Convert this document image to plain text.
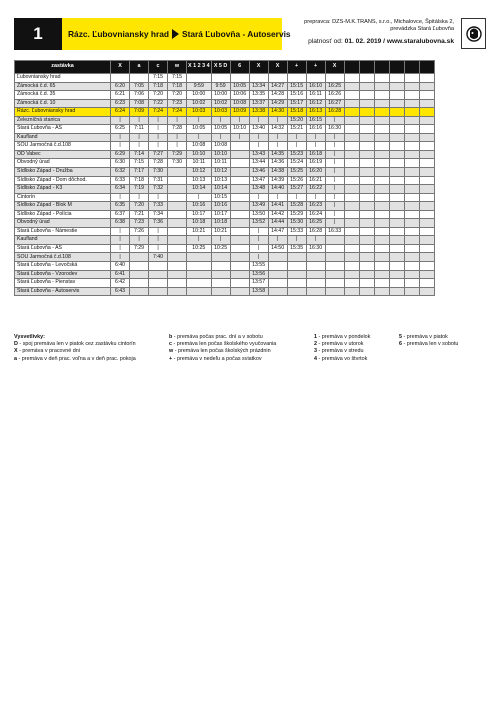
1	Rázc. Ľubovniansky hrad Stará Ľubovňa - Autoservis
prepravca: DZS-M.K.TRANS, s.r.o., Michalovce, Špitálska 2,
prevádzka Stará Ľubovňa
platnosť od: 01. 02. 2019 / www.staralubovna.sk
zastávka	X	a	c	w	X 1 2 3 4	X 5 D	6	X	X	+	+	X						
Ľubovniansky hrad			7:15	7:15														
Zámocká č.d. 65	6:20	7:05	7:18	7:18	9:59	9:59	10:05	13:34	14:27	15:15	16:10	16:25						
Zámocká č.d. 35	6:21	7:06	7:20	7:20	10:00	10:00	10:06	13:35	14:28	15:16	16:11	16:26						
Zámocká č.d. 10	6:23	7:08	7:22	7:23	10:02	10:02	10:08	13:37	14:29	15:17	16:12	16:27						
Rázc. Ľubovniansky hrad	6:24	7:09	7:24	7:24	10:03	10:03	10:09	13:38	14:30	15:18	16:13	16:28						
Železničná stanica	|	|	|	|	|	|	|	|	|	15:20	16:15	|						
Stará Ľubovňa - AS	6:25	7:11	|	7:28	10:05	10:05	10:10	13:40	14:32	15:21	16:16	16:30						
Kaufland	|	|	|	|	|	|	|	|	|	|	|	|						
SOU Jarmočná č.d.108	|	|	|	|	10:08	10:08		|	|	|	|	|						
OD Vabec	6:29	7:14	7:27	7:29	10:10	10:10		13:43	14:35	15:23	16:18	|						
Obvodný úrad	6:30	7:15	7:28	7:30	10:11	10:11		13:44	14:36	15:24	16:19	|						
Sídlisko Západ - Družba	6:32	7:17	7:30		10:12	10:12		13:46	14:38	15:25	16:20	|						
Sídlisko Západ - Dom dôchod.	6:33	7:18	7:31		10:13	10:13		13:47	14:39	15:26	16:21	|						
Sídlisko Západ - K3	6:34	7:19	7:32		10:14	10:14		13:48	14:40	15:27	16:22	|						
Cintorín	|	|	|		|	10:15		|	|	|	|	|						
Sídlisko Západ - Blok M	6:35	7:20	7:33		10:16	10:16		13:49	14:41	15:28	16:23	|						
Sídlisko Západ - Polícia	6:37	7:21	7:34		10:17	10:17		13:50	14:42	15:29	16:24	|						
Obvodný úrad	6:38	7:23	7:36		10:18	10:18		13:52	14:44	15:30	16:25	|						
Stará Ľubovňa - Námestie	|	7:26	|		10:21	10:21		|	14:47	15:33	16:28	16:33						
Kaufland	|	|	|		|	|		|	|	|	|							
Stará Ľubovňa - AS	|	7:29	|		10:25	10:25		|	14:50	15:35	16:30							
SOU Jarmočná č.d.108	|		7:40					|										
Stará Ľubovňa - Levočská	6:40							13:55										
Stará Ľubovňa - Vzorodev	6:41							13:56										
Stará Ľubovňa - Pienstav	6:42							13:57										
Stará Ľubovňa - Autoservis	6:43							13:58										
Vysvetlivky:
D - spoj premáva len v piatok cez zastávku cintorín
X - premáva v pracovné dni
a - premáva v deň prac. voľna a v deň prac. pokoja
b - premáva počas prac. dní a v sobotu
c - premáva len počas školského vyučovania
w - premáva len počas školských prázdnin
+ - premáva v nedeľu a počas sviatkov
1 - premáva v pondelok
2 - premáva v utorok
3 - premáva v stredu
4 - premáva vo štvrtok
5 - premáva v piatok
6 - premáva len v sobotu
